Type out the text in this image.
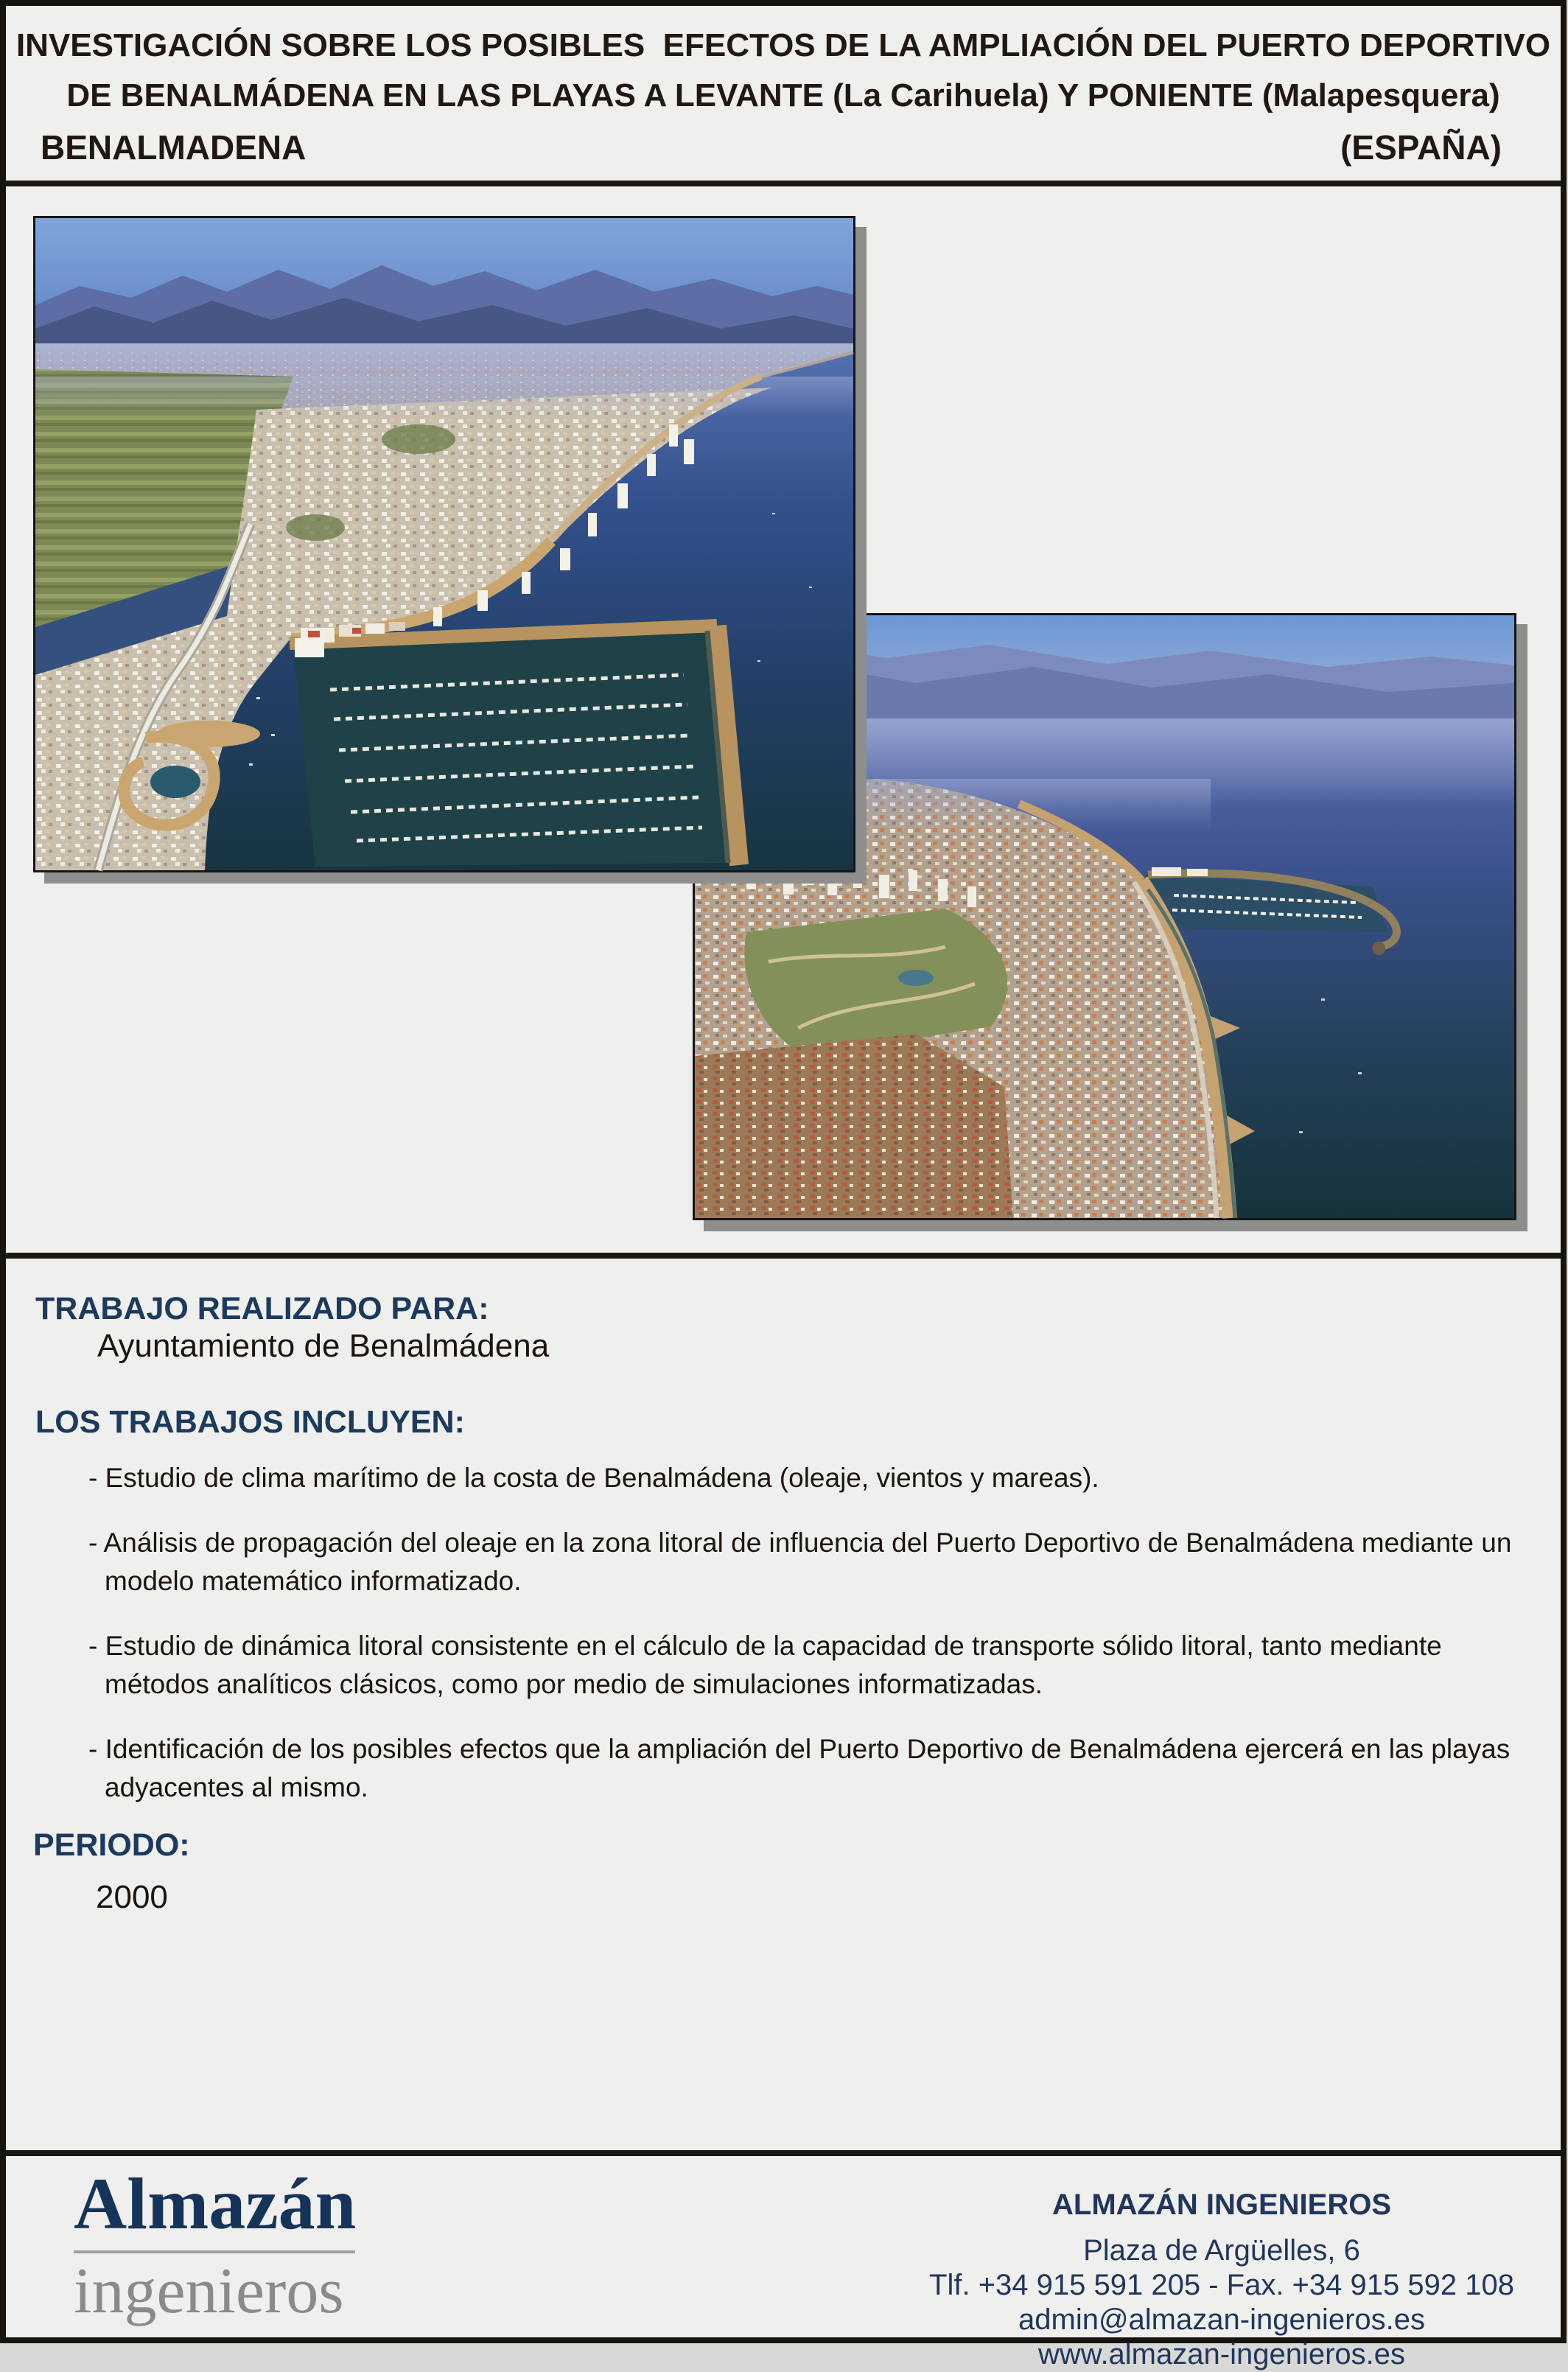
INVESTIGACIÓN SOBRE LOS POSIBLES  EFECTOS DE LA AMPLIACIÓN DEL PUERTO DEPORTIVO
DE BENALMÁDENA EN LAS PLAYAS A LEVANTE (La Carihuela) Y PONIENTE (Malapesquera)
BENALMADENA	(ESPAÑA)
TRABAJO REALIZADO PARA:
Ayuntamiento de Benalmádena
LOS TRABAJOS INCLUYEN:
- Estudio de clima marítimo de la costa de Benalmádena (oleaje, vientos y mareas).
- Análisis de propagación del oleaje en la zona litoral de influencia del Puerto Deportivo de Benalmádena mediante un modelo matemático informatizado.
- Estudio de dinámica litoral consistente en el cálculo de la capacidad de transporte sólido litoral, tanto mediante métodos analíticos clásicos, como por medio de simulaciones informatizadas.
- Identificación de los posibles efectos que la ampliación del Puerto Deportivo de Benalmádena ejercerá en las playas adyacentes al mismo.
PERIODO:
2000
Almazán
ingenieros
ALMAZÁN INGENIEROS
Plaza de Argüelles, 6
Tlf. +34 915 591 205 - Fax. +34 915 592 108
admin@almazan-ingenieros.es
www.almazan-ingenieros.es
